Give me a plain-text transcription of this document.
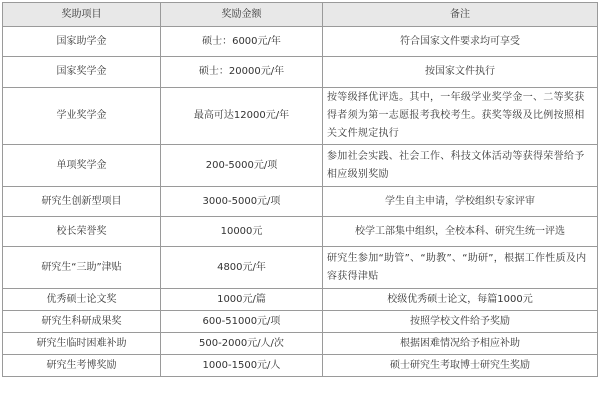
奖助项目	奖励金额	备注
国家助学金	硕士：6000元/年	符合国家文件要求均可享受
国家奖学金	硕士：20000元/年	按国家文件执行
学业奖学金	最高可达12000元/年	按等级择优评选。其中，一年级学业奖学金一、二等奖获得者须为第一志愿报考我校考生。获奖等级及比例按照相关文件规定执行
单项奖学金	200-5000元/项	参加社会实践、社会工作、科技文体活动等获得荣誉给予相应级别奖励
研究生创新型项目	3000-5000元/项	学生自主申请，学校组织专家评审
校长荣誉奖	10000元	校学工部集中组织，全校本科、研究生统一评选
研究生“三助”津贴	4800元/年	研究生参加“助管”、“助教”、“助研”，根据工作性质及内容获得津贴
优秀硕士论文奖	1000元/篇	校级优秀硕士论文，每篇1000元
研究生科研成果奖	600-51000元/项	按照学校文件给予奖励
研究生临时困难补助	500-2000元/人/次	根据困难情况给予相应补助
研究生考博奖励	1000-1500元/人	硕士研究生考取博士研究生奖励
